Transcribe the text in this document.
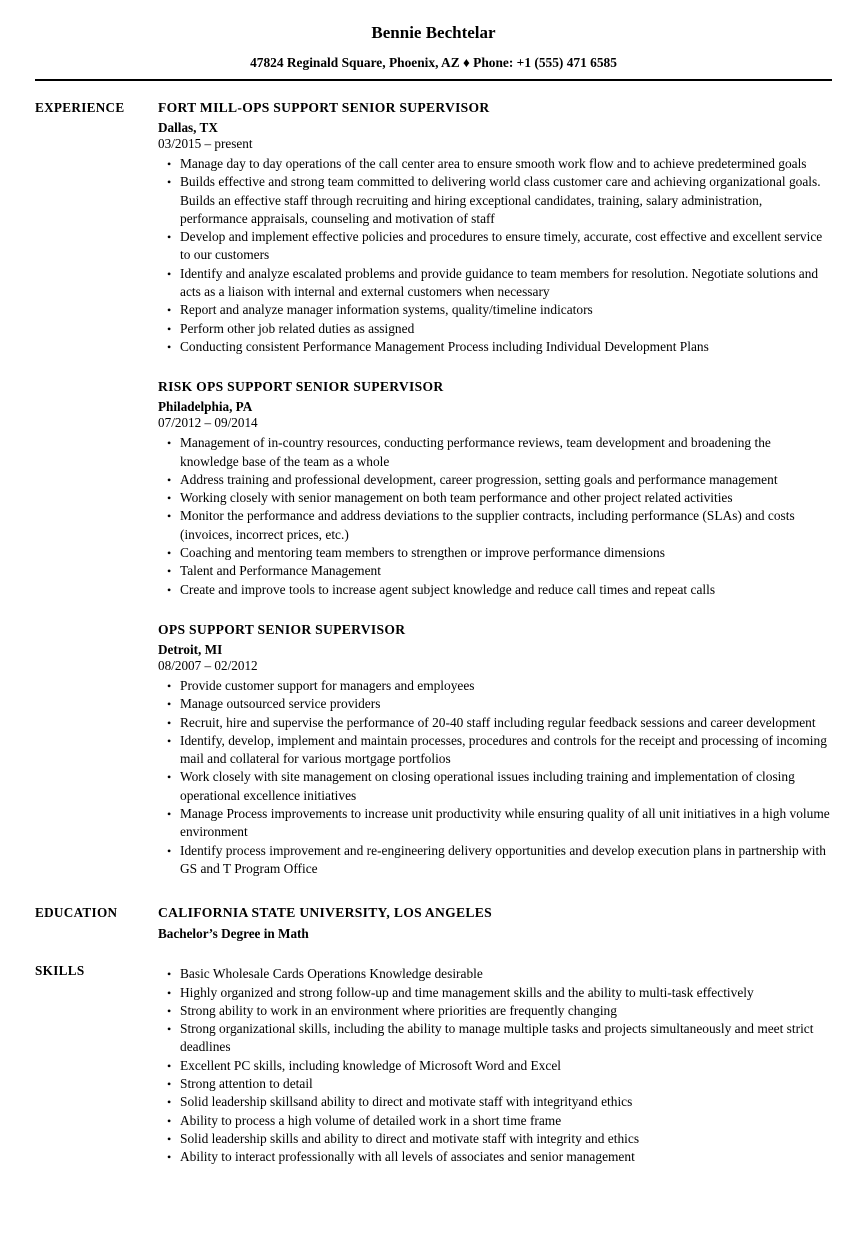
Bennie Bechtelar
47824 Reginald Square, Phoenix, AZ ♦ Phone: +1 (555) 471 6585
EXPERIENCE	FORT MILL-OPS SUPPORT SENIOR SUPERVISOR
Dallas, TX
03/2015 – present
• Manage day to day operations of the call center area to ensure smooth work flow and to achieve predetermined goals
• Builds effective and strong team committed to delivering world class customer care and achieving organizational goals. Builds an effective staff through recruiting and hiring exceptional candidates, training, salary administration, performance appraisals, counseling and motivation of staff
• Develop and implement effective policies and procedures to ensure timely, accurate, cost effective and excellent service to our customers
• Identify and analyze escalated problems and provide guidance to team members for resolution. Negotiate solutions and acts as a liaison with internal and external customers when necessary
• Report and analyze manager information systems, quality/timeline indicators
• Perform other job related duties as assigned
• Conducting consistent Performance Management Process including Individual Development Plans
RISK OPS SUPPORT SENIOR SUPERVISOR
Philadelphia, PA
07/2012 – 09/2014
• Management of in-country resources, conducting performance reviews, team development and broadening the knowledge base of the team as a whole
• Address training and professional development, career progression, setting goals and performance management
• Working closely with senior management on both team performance and other project related activities
• Monitor the performance and address deviations to the supplier contracts, including performance (SLAs) and costs (invoices, incorrect prices, etc.)
• Coaching and mentoring team members to strengthen or improve performance dimensions
• Talent and Performance Management
• Create and improve tools to increase agent subject knowledge and reduce call times and repeat calls
OPS SUPPORT SENIOR SUPERVISOR
Detroit, MI
08/2007 – 02/2012
• Provide customer support for managers and employees
• Manage outsourced service providers
• Recruit, hire and supervise the performance of 20-40 staff including regular feedback sessions and career development
• Identify, develop, implement and maintain processes, procedures and controls for the receipt and processing of incoming mail and collateral for various mortgage portfolios
• Work closely with site management on closing operational issues including training and implementation of closing operational excellence initiatives
• Manage Process improvements to increase unit productivity while ensuring quality of all unit initiatives in a high volume environment
• Identify process improvement and re-engineering delivery opportunities and develop execution plans in partnership with GS and T Program Office
EDUCATION	CALIFORNIA STATE UNIVERSITY, LOS ANGELES
Bachelor’s Degree in Math
SKILLS	• Basic Wholesale Cards Operations Knowledge desirable
• Highly organized and strong follow-up and time management skills and the ability to multi-task effectively
• Strong ability to work in an environment where priorities are frequently changing
• Strong organizational skills, including the ability to manage multiple tasks and projects simultaneously and meet strict deadlines
• Excellent PC skills, including knowledge of Microsoft Word and Excel
• Strong attention to detail
• Solid leadership skillsand ability to direct and motivate staff with integrityand ethics
• Ability to process a high volume of detailed work in a short time frame
• Solid leadership skills and ability to direct and motivate staff with integrity and ethics
• Ability to interact professionally with all levels of associates and senior management
